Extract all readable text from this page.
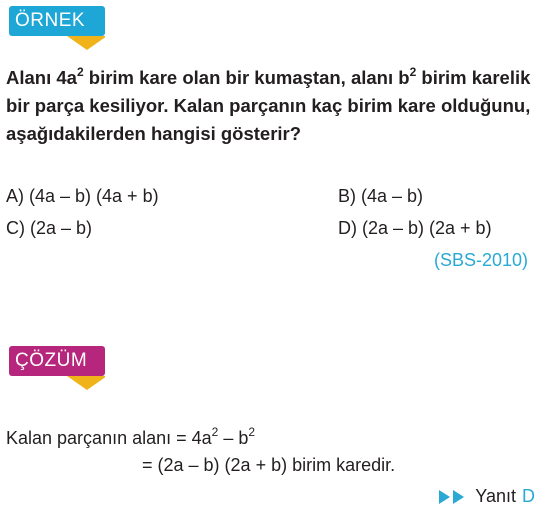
ÖRNEK
Alanı $4a^2$ birim kare olan bir kumaştan, alanı $b^2$ birim karelik bir parça kesiliyor. Kalan parçanın kaç birim kare olduğunu, aşağıdakilerden hangisi gösterir?
A) (4a – b) (4a + b)	B) (4a – b)
C) (2a – b)	D) (2a – b) (2a + b)
(SBS-2010)
ÇÖZÜM
Kalan parçanın alanı = $4a^2 - b^2$
= (2a – b) (2a + b) birim karedir.
Yanıt D
